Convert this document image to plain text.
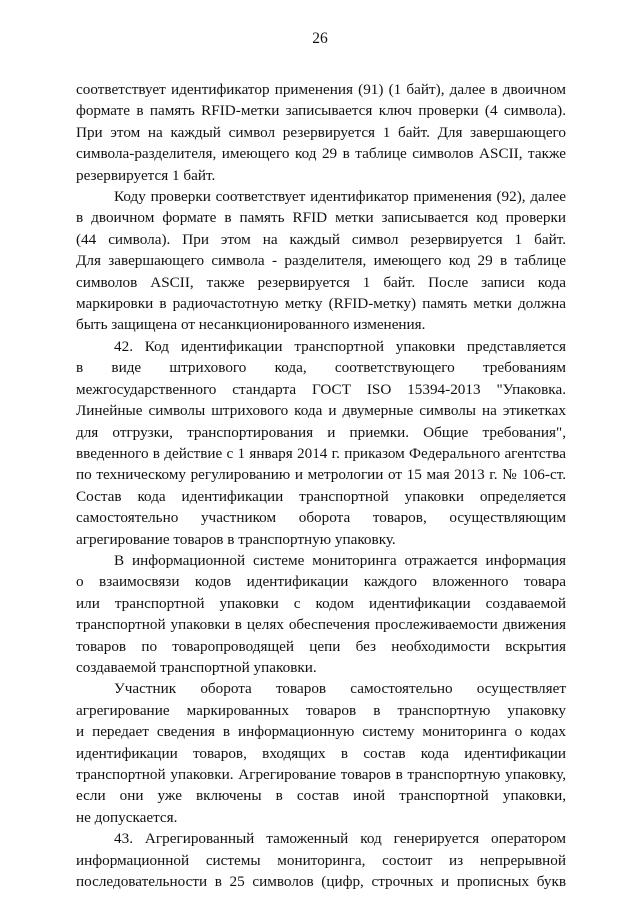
26

соответствует идентификатор применения (91) (1 байт), далее в двоичном
формате в память RFID-метки записывается ключ проверки (4 символа).
При этом на каждый символ резервируется 1 байт. Для завершающего
символа-разделителя, имеющего код 29 в таблице символов ASCII, также
резервируется 1 байт.

Коду проверки соответствует идентификатор применения (92), далее
в двоичном формате в память RFID метки записывается код проверки
(44 символа). При этом на каждый символ резервируется 1 байт.
Для завершающего символа - разделителя, имеющего код 29 в таблице
символов ASCII, также резервируется 1 байт. После записи кода
маркировки в радиочастотную метку (RFID-метку) память метки должна
быть защищена от несанкционированного изменения.

42. Код идентификации транспортной упаковки представляется
в виде штрихового кода, соответствующего требованиям
межгосударственного стандарта ГОСТ ISO 15394-2013 "Упаковка.
Линейные символы штрихового кода и двумерные символы на этикетках
для отгрузки, транспортирования и приемки. Общие требования",
введенного в действие с 1 января 2014 г. приказом Федерального агентства
по техническому регулированию и метрологии от 15 мая 2013 г. № 106-ст.
Состав кода идентификации транспортной упаковки определяется
самостоятельно участником оборота товаров, осуществляющим
агрегирование товаров в транспортную упаковку.

В информационной системе мониторинга отражается информация
о взаимосвязи кодов идентификации каждого вложенного товара
или транспортной упаковки с кодом идентификации создаваемой
транспортной упаковки в целях обеспечения прослеживаемости движения
товаров по товаропроводящей цепи без необходимости вскрытия
создаваемой транспортной упаковки.

Участник оборота товаров самостоятельно осуществляет
агрегирование маркированных товаров в транспортную упаковку
и передает сведения в информационную систему мониторинга о кодах
идентификации товаров, входящих в состав кода идентификации
транспортной упаковки. Агрегирование товаров в транспортную упаковку,
если они уже включены в состав иной транспортной упаковки,
не допускается.

43. Агрегированный таможенный код генерируется оператором
информационной системы мониторинга, состоит из непрерывной
последовательности в 25 символов (цифр, строчных и прописных букв
